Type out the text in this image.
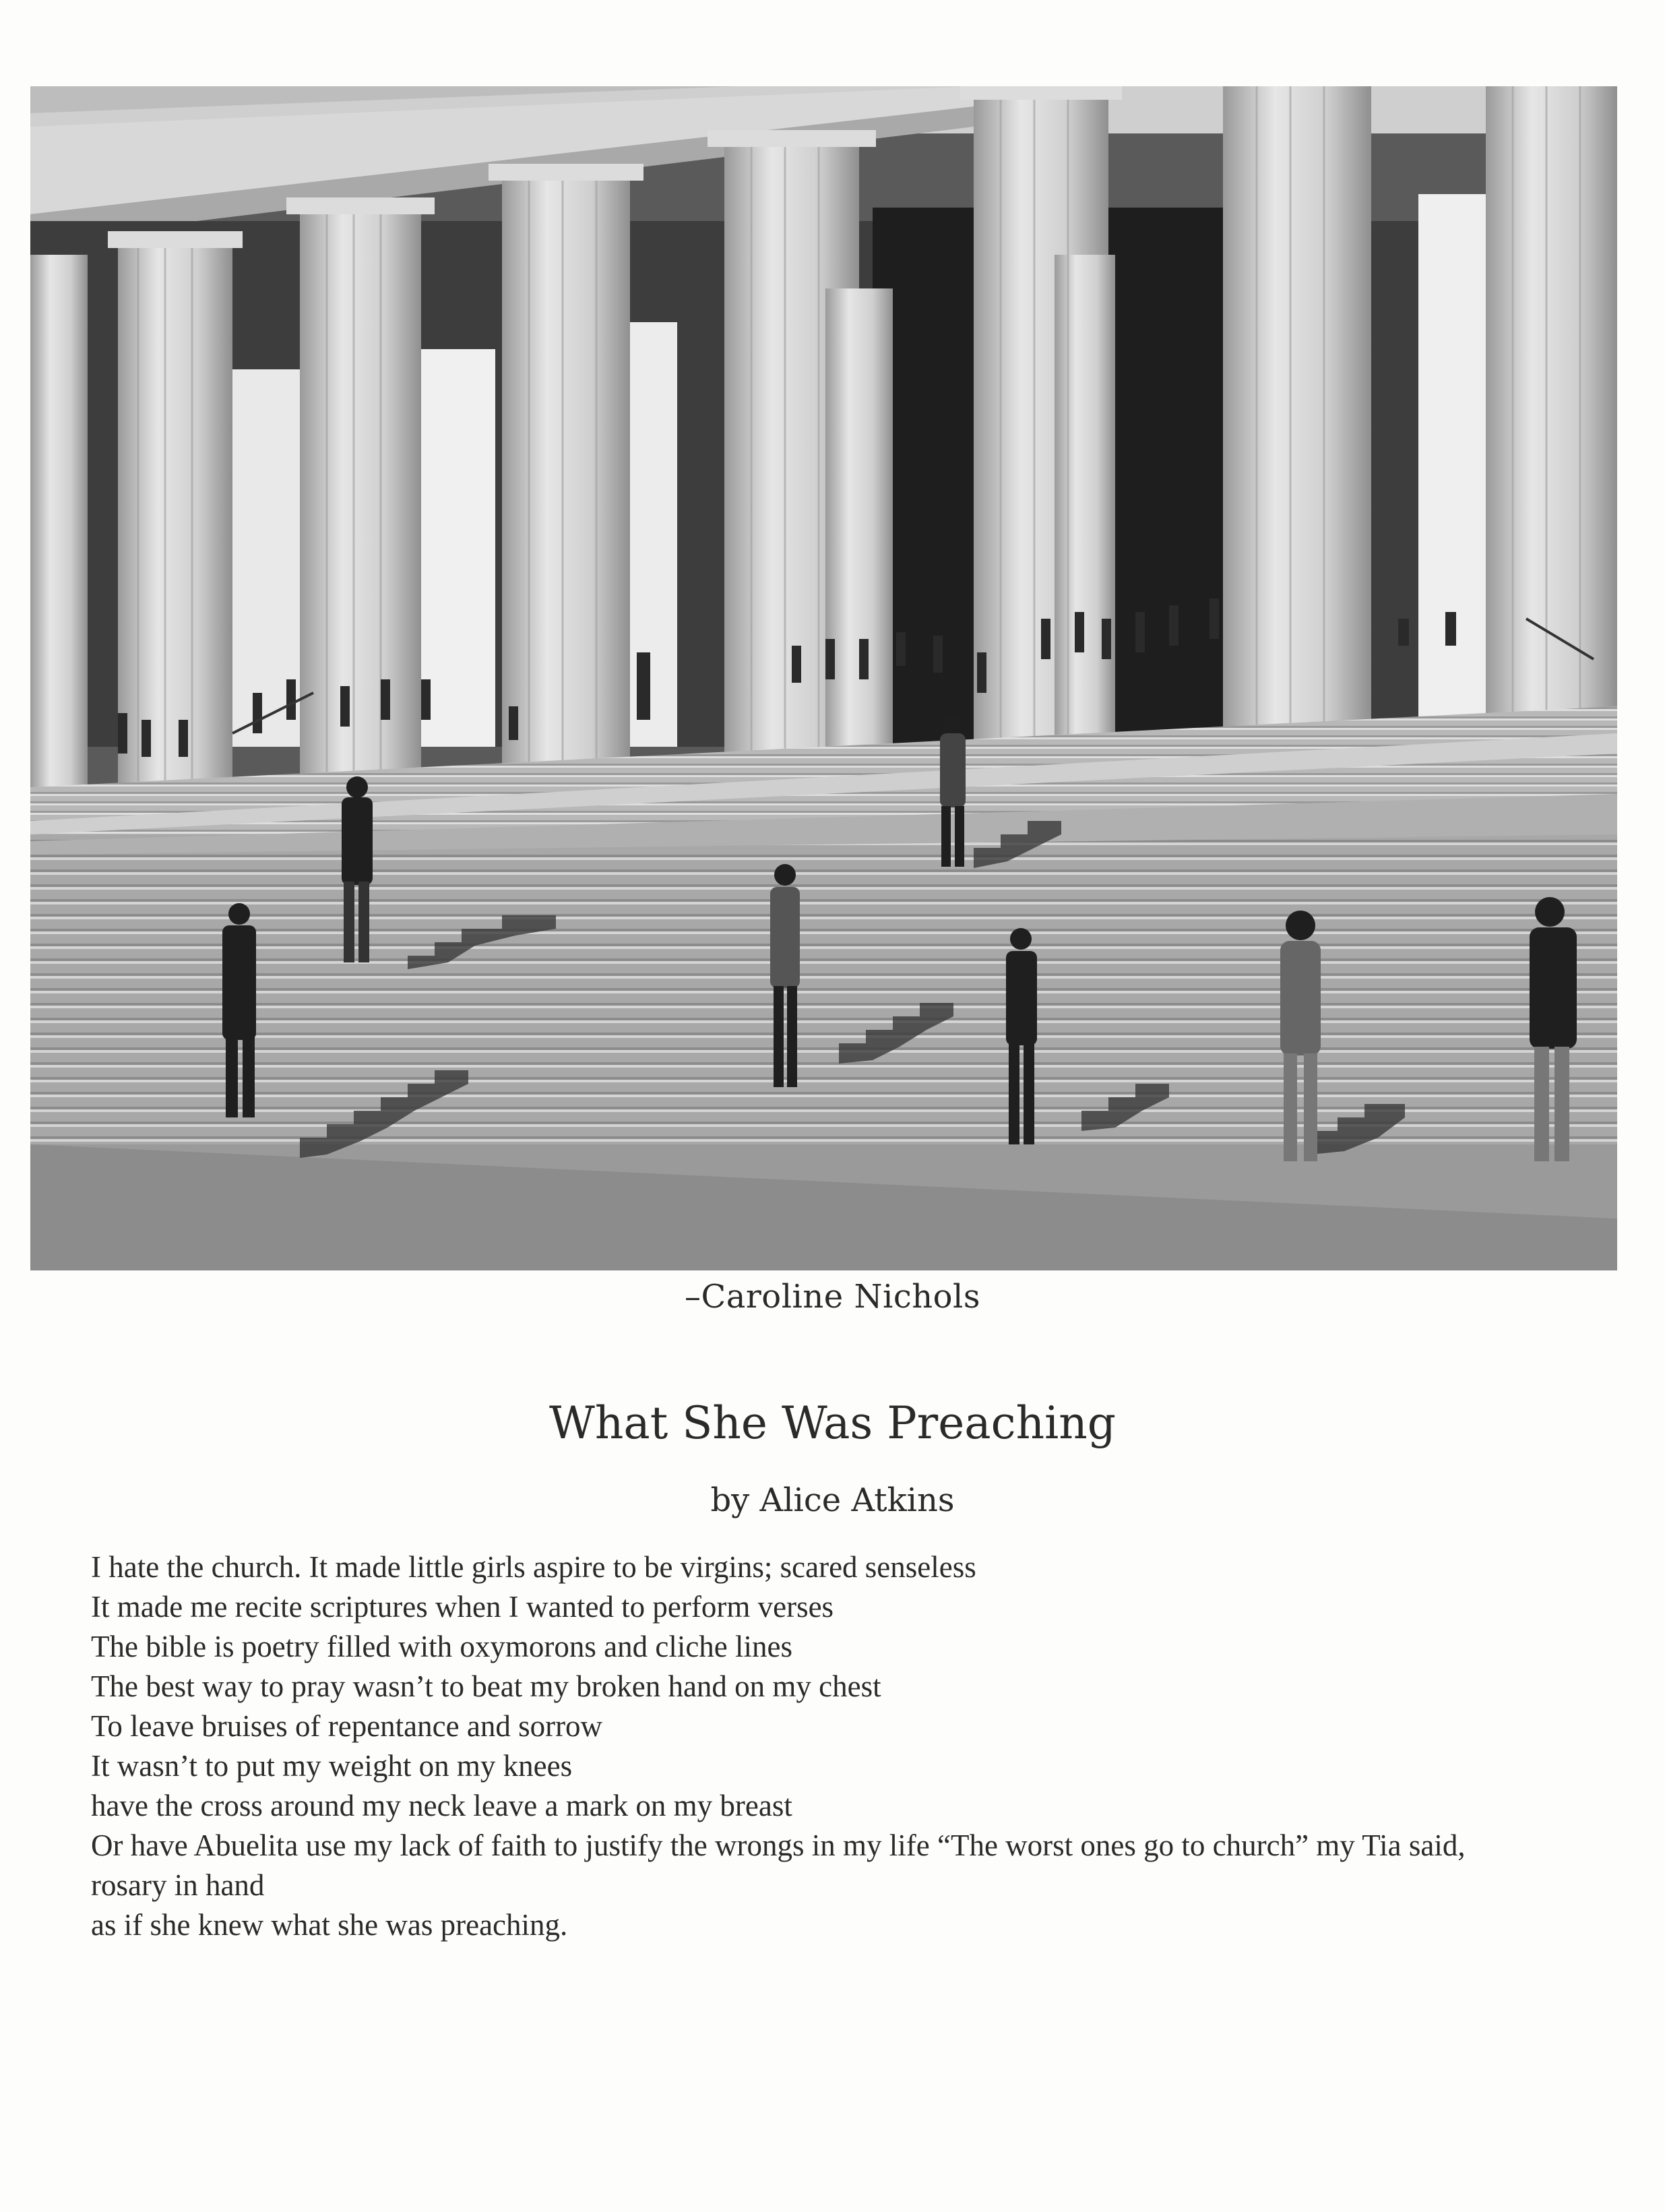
–Caroline Nichols
What She Was Preaching
by Alice Atkins
I hate the church. It made little girls aspire to be virgins; scared senseless
It made me recite scriptures when I wanted to perform verses
The bible is poetry filled with oxymorons and cliche lines
The best way to pray wasn’t to beat my broken hand on my chest
To leave bruises of repentance and sorrow
It wasn’t to put my weight on my knees
have the cross around my neck leave a mark on my breast
Or have Abuelita use my lack of faith to justify the wrongs in my life “The worst ones go to church” my Tia said,
rosary in hand
as if she knew what she was preaching.
